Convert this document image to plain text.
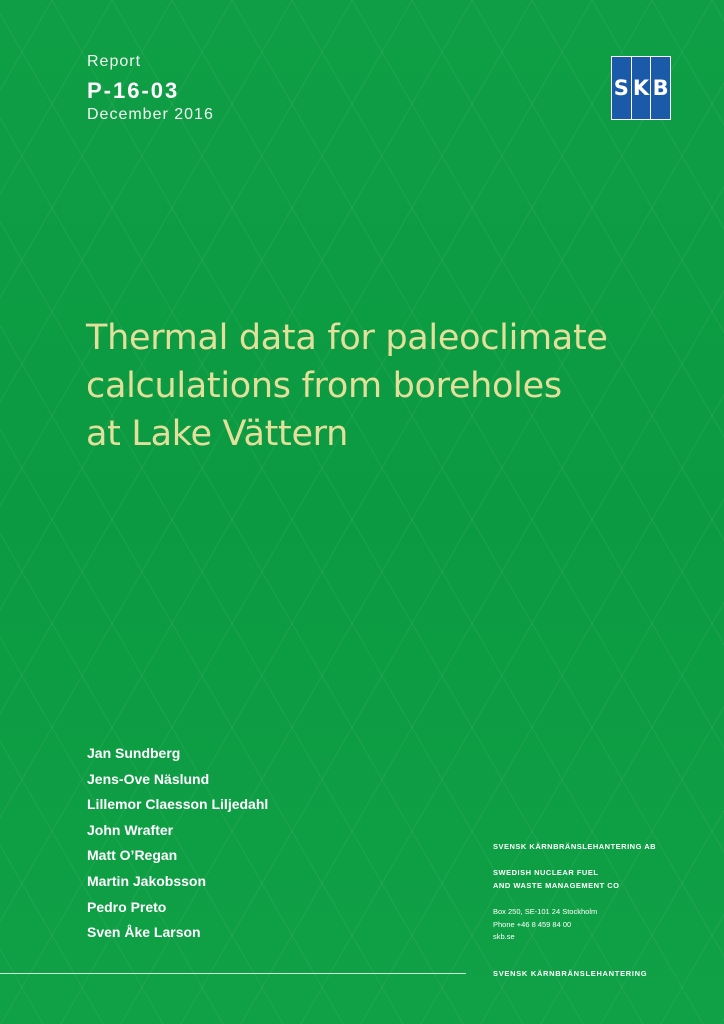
Report
P-16-03
December 2016
S K B
Thermal data for paleoclimate
calculations from boreholes
at Lake Vättern
Jan Sundberg
Jens-Ove Näslund
Lillemor Claesson Liljedahl
John Wrafter
Matt O’Regan
Martin Jakobsson
Pedro Preto
Sven Åke Larson
SVENSK KÄRNBRÄNSLEHANTERING AB
SWEDISH NUCLEAR FUEL
AND WASTE MANAGEMENT CO
Box 250, SE-101 24 Stockholm
Phone +46 8 459 84 00
skb.se
SVENSK KÄRNBRÄNSLEHANTERING
